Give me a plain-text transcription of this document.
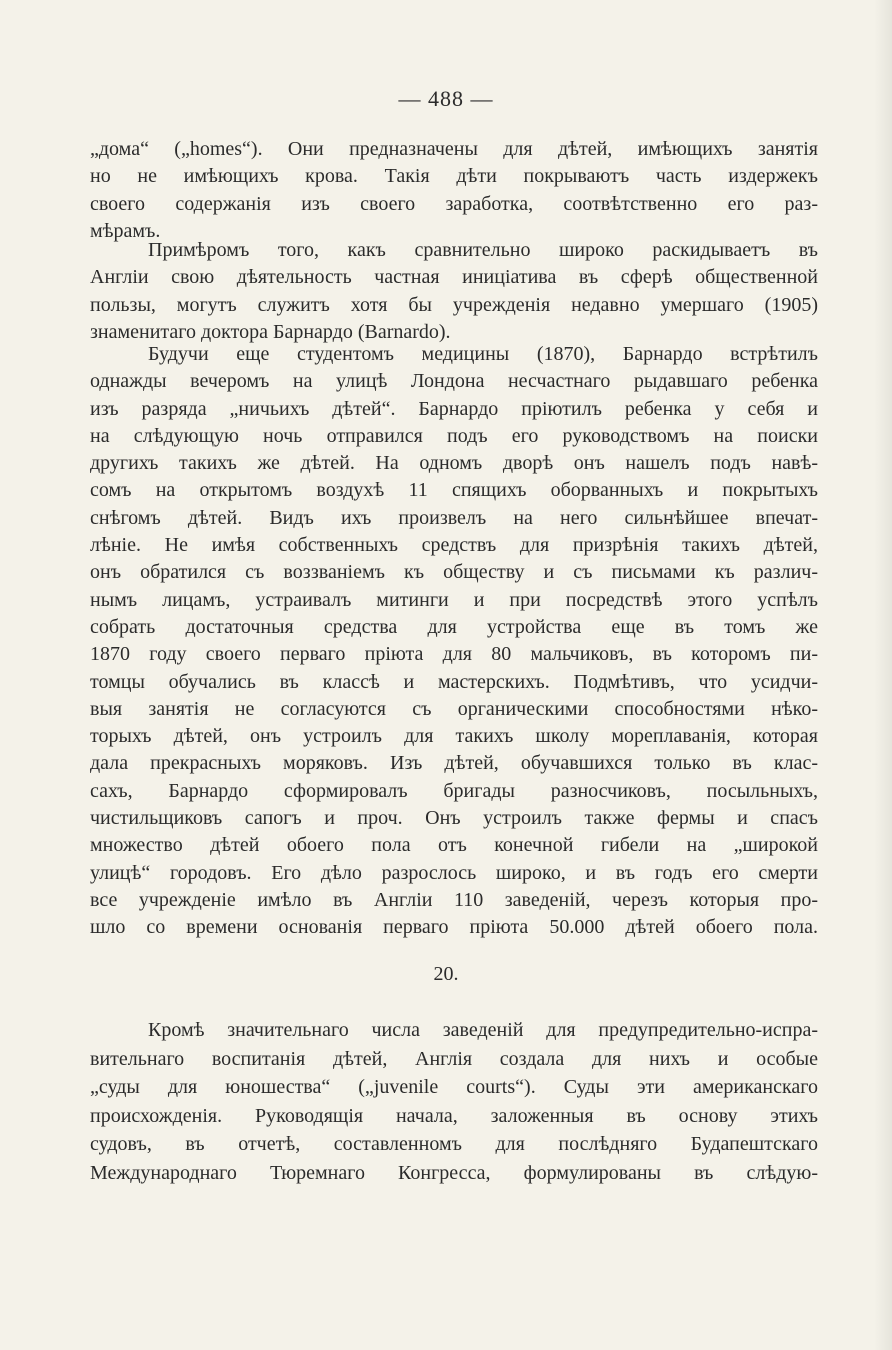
— 488 —
„дома“ („homes“). Они предназначены для дѣтей, имѣющихъ занятія
но не имѣющихъ крова. Такія дѣти покрываютъ часть издержекъ
своего содержанія изъ своего заработка, соотвѣтственно его раз-
мѣрамъ.
Примѣромъ того, какъ сравнительно широко раскидываетъ въ
Англіи свою дѣятельность частная иниціатива въ сферѣ общественной
пользы, могутъ служитъ хотя бы учрежденія недавно умершаго (1905)
знаменитаго доктора Барнардо (Barnardo).
Будучи еще студентомъ медицины (1870), Барнардо встрѣтилъ
однажды вечеромъ на улицѣ Лондона несчастнаго рыдавшаго ребенка
изъ разряда „ничьихъ дѣтей“. Барнардо пріютилъ ребенка у себя и
на слѣдующую ночь отправился подъ его руководствомъ на поиски
другихъ такихъ же дѣтей. На одномъ дворѣ онъ нашелъ подъ навѣ-
сомъ на открытомъ воздухѣ 11 спящихъ оборванныхъ и покрытыхъ
снѣгомъ дѣтей. Видъ ихъ произвелъ на него сильнѣйшее впечат-
лѣніе. Не имѣя собственныхъ средствъ для призрѣнія такихъ дѣтей,
онъ обратился съ воззваніемъ къ обществу и съ письмами къ различ-
нымъ лицамъ, устраивалъ митинги и при посредствѣ этого успѣлъ
собрать достаточныя средства для устройства еще въ томъ же
1870 году своего перваго пріюта для 80 мальчиковъ, въ которомъ пи-
томцы обучались въ классѣ и мастерскихъ. Подмѣтивъ, что усидчи-
выя занятія не согласуются съ органическими способностями нѣко-
торыхъ дѣтей, онъ устроилъ для такихъ школу мореплаванія, которая
дала прекрасныхъ моряковъ. Изъ дѣтей, обучавшихся только въ клас-
сахъ, Барнардо сформировалъ бригады разносчиковъ, посыльныхъ,
чистильщиковъ сапогъ и проч. Онъ устроилъ также фермы и спасъ
множество дѣтей обоего пола отъ конечной гибели на „широкой
улицѣ“ городовъ. Его дѣло разрослось широко, и въ годъ его смерти
все учрежденіе имѣло въ Англіи 110 заведеній, черезъ которыя про-
шло со времени основанія перваго пріюта 50.000 дѣтей обоего пола.
20.
Кромѣ значительнаго числа заведеній для предупредительно-испра-
вительнаго воспитанія дѣтей, Англія создала для нихъ и особые
„суды для юношества“ („juvenile courts“). Суды эти американскаго
происхожденія. Руководящія начала, заложенныя въ основу этихъ
судовъ, въ отчетѣ, составленномъ для послѣдняго Будапештскаго
Международнаго Тюремнаго Конгресса, формулированы въ слѣдую-
